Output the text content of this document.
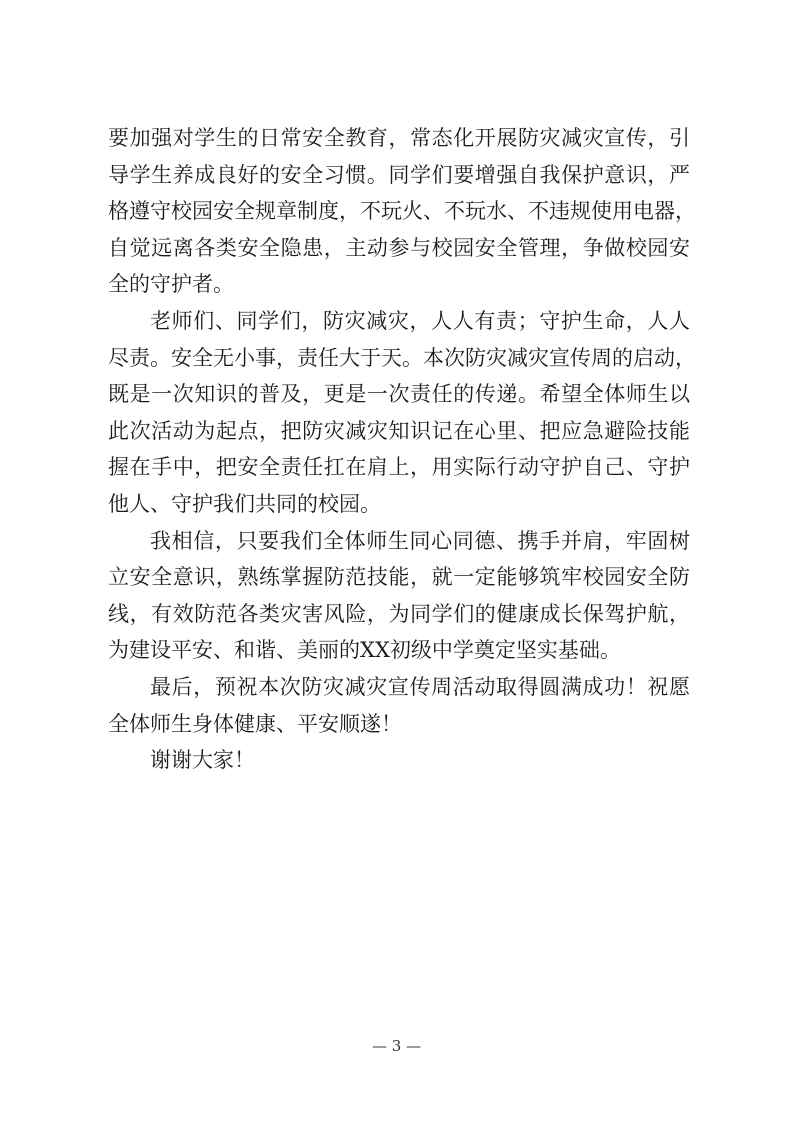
要加强对学生的日常安全教育，常态化开展防灾减灾宣传，引
导学生养成良好的安全习惯。同学们要增强自我保护意识，严
格遵守校园安全规章制度，不玩火、不玩水、不违规使用电器，
自觉远离各类安全隐患，主动参与校园安全管理，争做校园安
全的守护者。
老师们、同学们，防灾减灾，人人有责；守护生命，人人
尽责。安全无小事，责任大于天。本次防灾减灾宣传周的启动，
既是一次知识的普及，更是一次责任的传递。希望全体师生以
此次活动为起点，把防灾减灾知识记在心里、把应急避险技能
握在手中，把安全责任扛在肩上，用实际行动守护自己、守护
他人、守护我们共同的校园。
我相信，只要我们全体师生同心同德、携手并肩，牢固树
立安全意识，熟练掌握防范技能，就一定能够筑牢校园安全防
线，有效防范各类灾害风险，为同学们的健康成长保驾护航，
为建设平安、和谐、美丽的XX初级中学奠定坚实基础。
最后，预祝本次防灾减灾宣传周活动取得圆满成功！祝愿
全体师生身体健康、平安顺遂！
谢谢大家！
— 3 —
